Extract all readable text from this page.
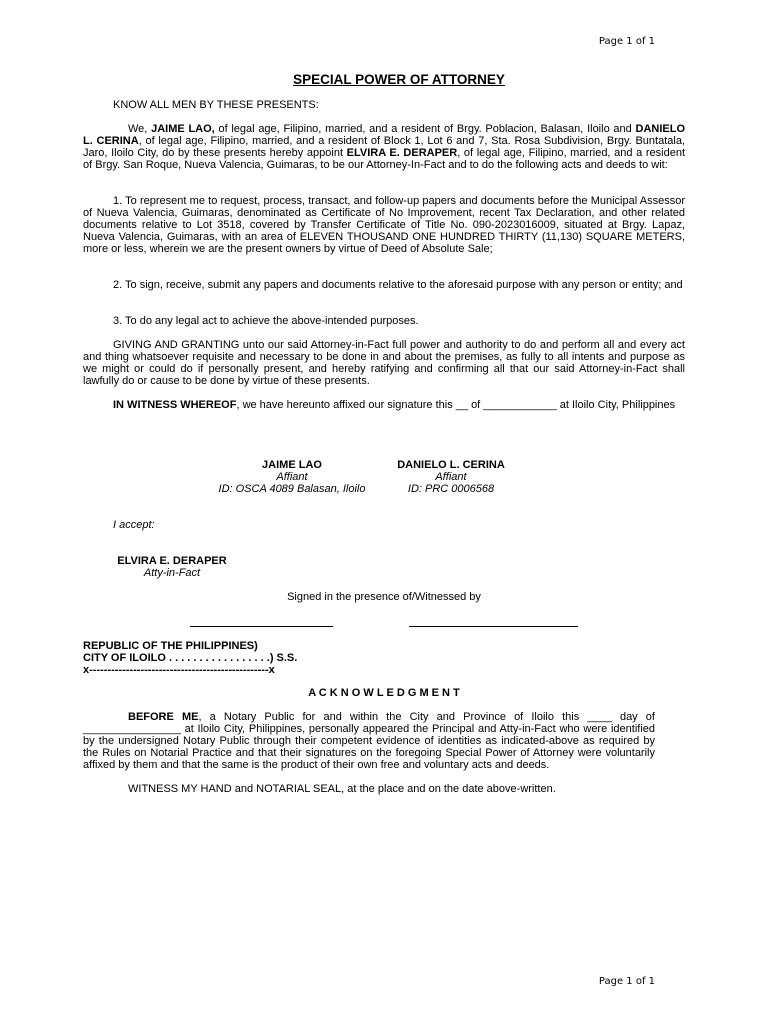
Page 1 of 1
SPECIAL POWER OF ATTORNEY
KNOW ALL MEN BY THESE PRESENTS:
We, JAIME LAO, of legal age, Filipino, married, and a resident of Brgy. Poblacion, Balasan, Iloilo and DANIELO L. CERINA, of legal age, Filipino, married, and a resident of Block 1, Lot 6 and 7, Sta. Rosa Subdivision, Brgy. Buntatala, Jaro, Iloilo City, do by these presents hereby appoint ELVIRA E. DERAPER, of legal age, Filipino, married, and a resident of Brgy. San Roque, Nueva Valencia, Guimaras, to be our Attorney-In-Fact and to do the following acts and deeds to wit:
1. To represent me to request, process, transact, and follow-up papers and documents before the Municipal Assessor of Nueva Valencia, Guimaras, denominated as Certificate of No Improvement, recent Tax Declaration, and other related documents relative to Lot 3518, covered by Transfer Certificate of Title No. 090-2023016009, situated at Brgy. Lapaz, Nueva Valencia, Guimaras, with an area of ELEVEN THOUSAND ONE HUNDRED THIRTY (11,130) SQUARE METERS, more or less, wherein we are the present owners by virtue of Deed of Absolute Sale;
2. To sign, receive, submit any papers and documents relative to the aforesaid purpose with any person or entity; and
3. To do any legal act to achieve the above-intended purposes.
GIVING AND GRANTING unto our said Attorney-in-Fact full power and authority to do and perform all and every act and thing whatsoever requisite and necessary to be done in and about the premises, as fully to all intents and purpose as we might or could do if personally present, and hereby ratifying and confirming all that our said Attorney-in-Fact shall lawfully do or cause to be done by virtue of these presents.
IN WITNESS WHEREOF, we have hereunto affixed our signature this __ of ____________ at Iloilo City, Philippines
JAIME LAO
Affiant
ID: OSCA 4089 Balasan, Iloilo
DANIELO L. CERINA
Affiant
ID: PRC 0006568
I accept:
ELVIRA E. DERAPER
Atty-in-Fact
Signed in the presence of/Witnessed by
REPUBLIC OF THE PHILIPPINES)
CITY OF ILOILO . . . . . . . . . . . . . . . . .) S.S.
x-------------------------------------------------x
A C K N O W L E D G M E N T
BEFORE ME, a Notary Public for and within the City and Province of Iloilo this ____ day of ________________ at Iloilo City, Philippines, personally appeared the Principal and Atty-in-Fact who were identified by the undersigned Notary Public through their competent evidence of identities as indicated-above as required by the Rules on Notarial Practice and that their signatures on the foregoing Special Power of Attorney were voluntarily affixed by them and that the same is the product of their own free and voluntary acts and deeds.
WITNESS MY HAND and NOTARIAL SEAL, at the place and on the date above-written.
Page 1 of 1
